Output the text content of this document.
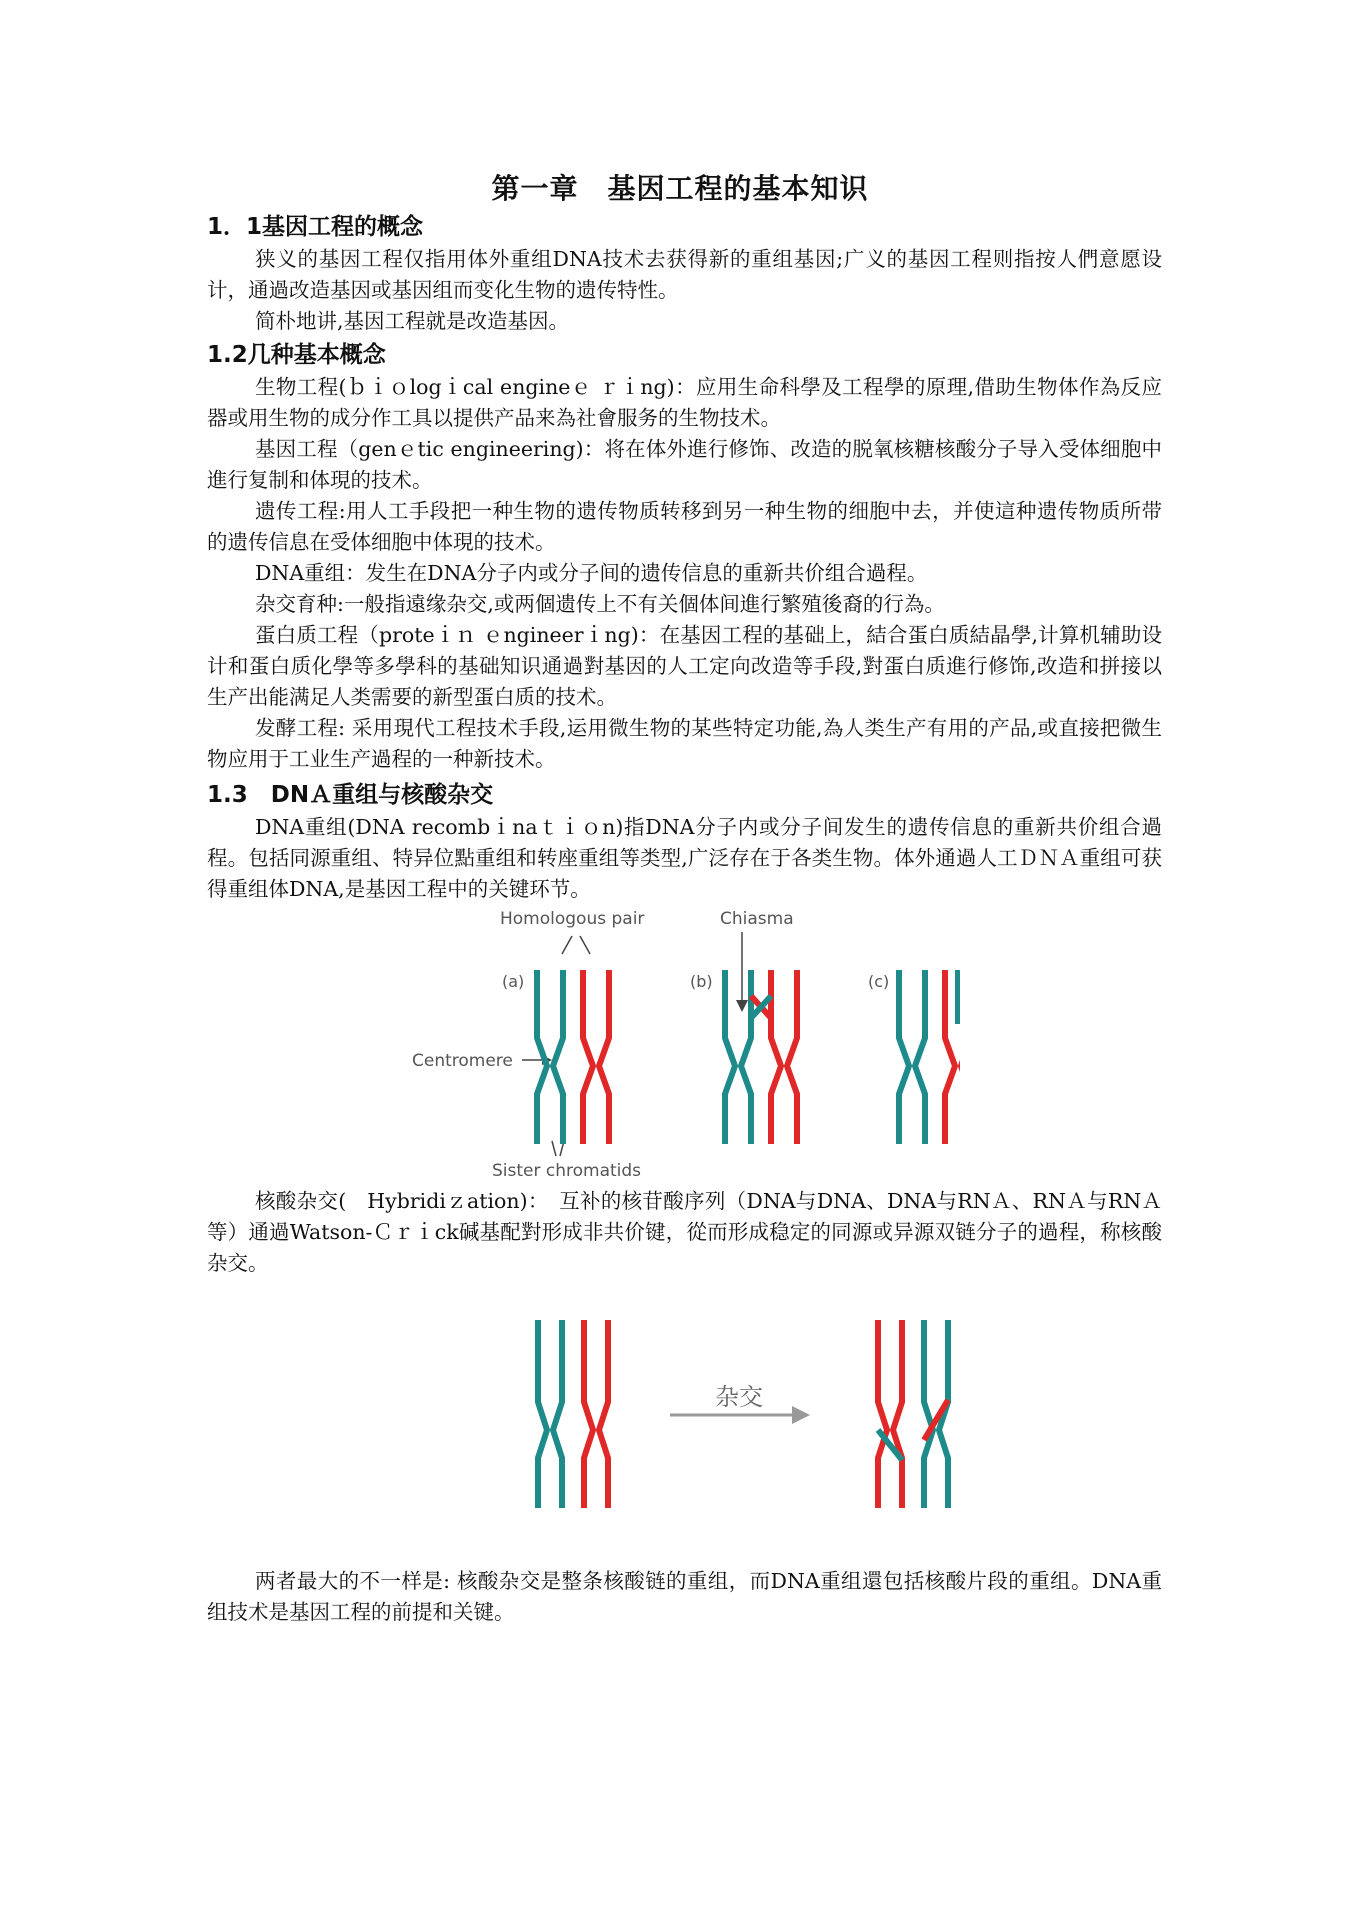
第一章　基因工程的基本知识
1．1基因工程的概念

狭义的基因工程仅指用体外重组DNA技术去获得新的重组基因;广义的基因工程则指按人們意愿设计，通過改造基因或基因组而变化生物的遗传特性。

简朴地讲,基因工程就是改造基因。

1.2几种基本概念

生物工程(ｂｉｏlogｉcal engineｅ ｒｉng)：应用生命科學及工程學的原理,借助生物体作為反应器或用生物的成分作工具以提供产品来為社會服务的生物技术。

基因工程（genｅtic engineering)：将在体外進行修饰、改造的脱氧核糖核酸分子导入受体细胞中進行复制和体現的技术。

遗传工程:用人工手段把一种生物的遗传物质转移到另一种生物的细胞中去，并使這种遗传物质所带的遗传信息在受体细胞中体現的技术。

DNA重组：发生在DNA分子内或分子间的遗传信息的重新共价组合過程。

杂交育种:一般指遠缘杂交,或两個遗传上不有关個体间進行繁殖後裔的行為。

蛋白质工程（proteｉｎ ｅngineerｉng)：在基因工程的基础上，結合蛋白质結晶學,计算机辅助设计和蛋白质化學等多學科的基础知识通過對基因的人工定向改造等手段,對蛋白质進行修饰,改造和拼接以生产出能满足人类需要的新型蛋白质的技术。

发酵工程: 采用現代工程技术手段,运用微生物的某些特定功能,為人类生产有用的产品,或直接把微生物应用于工业生产過程的一种新技术。

1.3　DNＡ重组与核酸杂交

DNA重组(DNA recombｉnaｔｉｏn)指DNA分子内或分子间发生的遗传信息的重新共价组合過程。包括同源重组、特异位點重组和转座重组等类型,广泛存在于各类生物。体外通過人工ＤＮＡ重组可获得重组体DNA,是基因工程中的关键环节。

Homologous pair	Chiasma
(a)	(b)	(c)
Centromere
Sister chromatids

核酸杂交(　Hybridiｚation)：　互补的核苷酸序列（DNA与DNA、DNA与RNＡ、RNＡ与RNＡ等）通過Watson-Ｃｒｉck碱基配對形成非共价键，從而形成稳定的同源或异源双链分子的過程，称核酸杂交。

杂交

两者最大的不一样是: 核酸杂交是整条核酸链的重组，而DNA重组還包括核酸片段的重组。DNA重组技术是基因工程的前提和关键。
